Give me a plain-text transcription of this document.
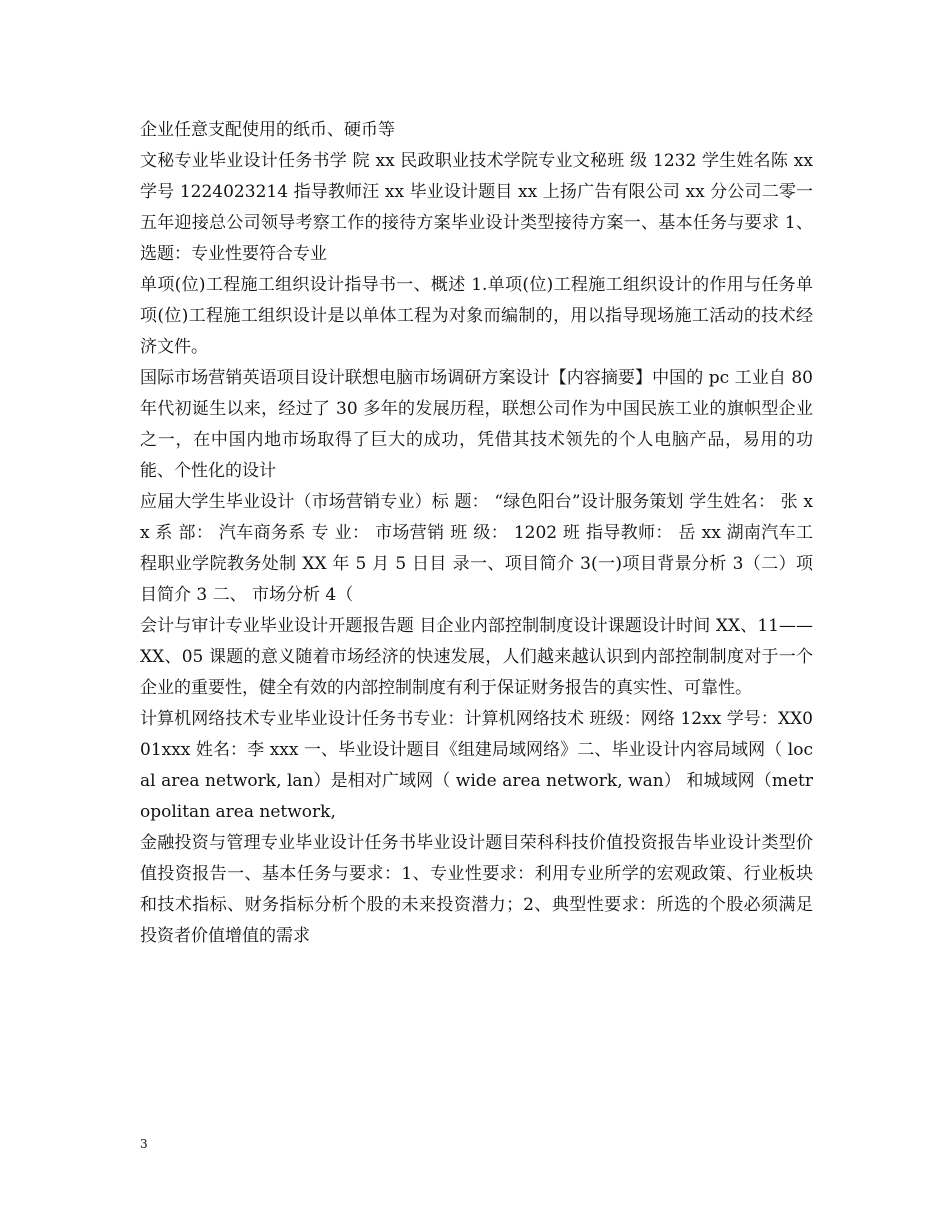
企业任意支配使用的纸币、硬币等

文秘专业毕业设计任务书学 院 xx 民政职业技术学院专业文秘班 级 1232 学生姓名陈 xx 学号 1224023214 指导教师汪 xx 毕业设计题目 xx 上扬广告有限公司 xx 分公司二零一五年迎接总公司领导考察工作的接待方案毕业设计类型接待方案一、基本任务与要求 1、选题：专业性要符合专业

单项(位)工程施工组织设计指导书一、概述 1.单项(位)工程施工组织设计的作用与任务单项(位)工程施工组织设计是以单体工程为对象而编制的，用以指导现场施工活动的技术经济文件。

国际市场营销英语项目设计联想电脑市场调研方案设计【内容摘要】中国的 pc 工业自 80 年代初诞生以来，经过了 30 多年的发展历程，联想公司作为中国民族工业的旗帜型企业之一，在中国内地市场取得了巨大的成功，凭借其技术领先的个人电脑产品，易用的功能、个性化的设计

应届大学生毕业设计（市场营销专业）标 题： “绿色阳台”设计服务策划 学生姓名： 张 xx 系 部： 汽车商务系 专 业： 市场营销 班 级： 1202 班 指导教师： 岳 xx 湖南汽车工程职业学院教务处制 XX 年 5 月 5 日目 录一、项目简介 3(一)项目背景分析 3（二）项目简介 3 二、 市场分析 4（

会计与审计专业毕业设计开题报告题 目企业内部控制制度设计课题设计时间 XX、11——XX、05 课题的意义随着市场经济的快速发展，人们越来越认识到内部控制制度对于一个企业的重要性，健全有效的内部控制制度有利于保证财务报告的真实性、可靠性。

计算机网络技术专业毕业设计任务书专业：计算机网络技术 班级：网络 12xx 学号：XX001xxx 姓名：李 xxx 一、毕业设计题目《组建局域网络》二、毕业设计内容局域网（ local area network, lan）是相对广域网（ wide area network, wan） 和城域网（metropolitan area network,

金融投资与管理专业毕业设计任务书毕业设计题目荣科科技价值投资报告毕业设计类型价值投资报告一、基本任务与要求：1、专业性要求：利用专业所学的宏观政策、行业板块和技术指标、财务指标分析个股的未来投资潜力；2、典型性要求：所选的个股必须满足投资者价值增值的需求

3
